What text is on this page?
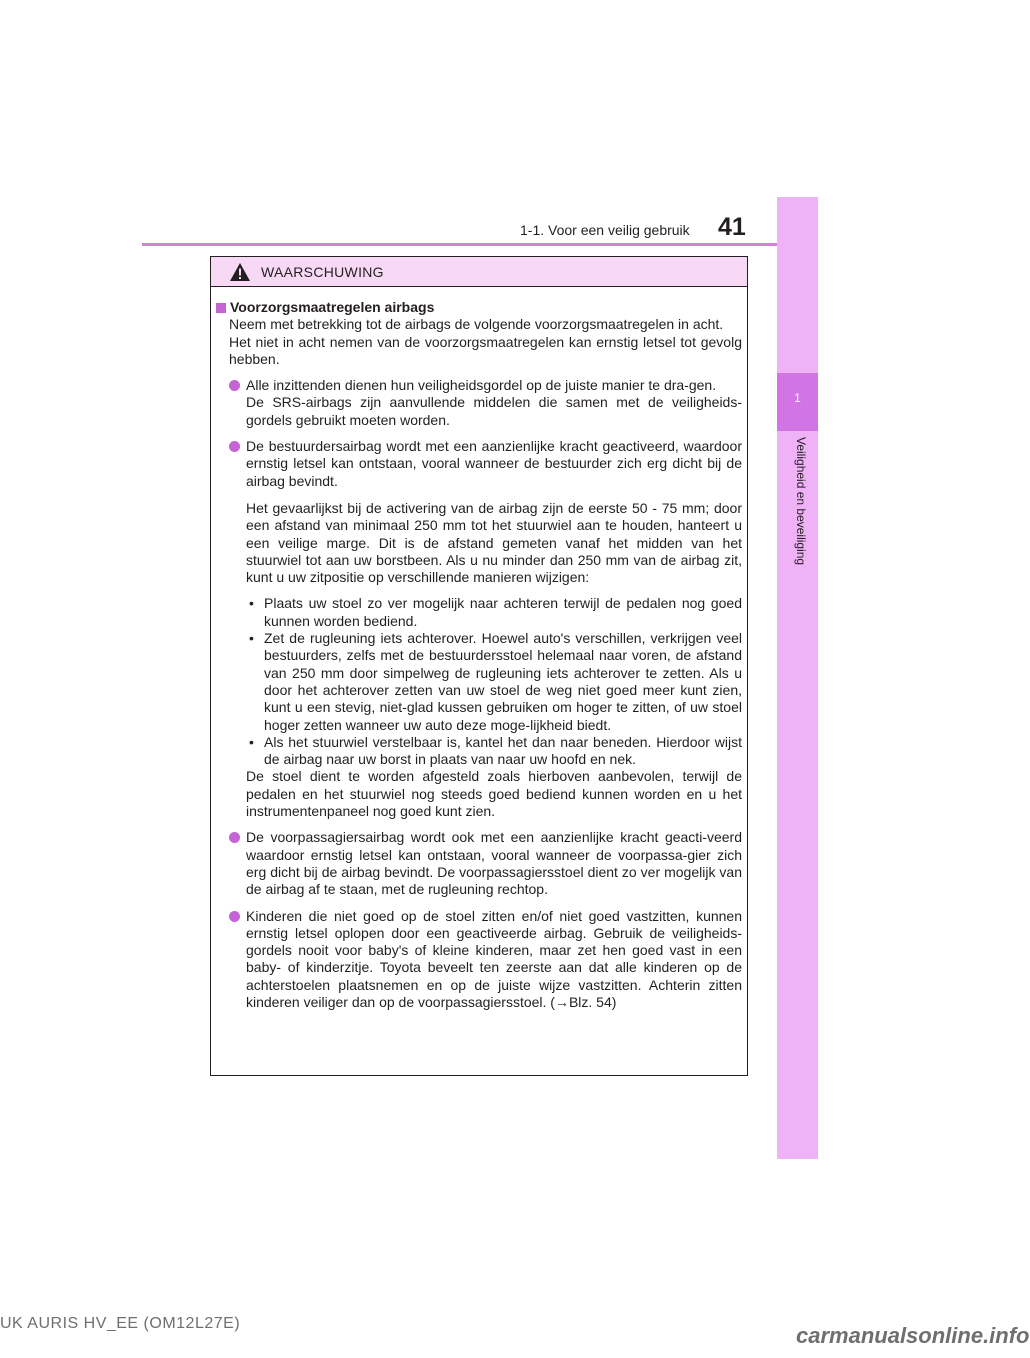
1-1. Voor een veilig gebruik 41
1
Veiligheid en beveiliging
WAARSCHUWING
Voorzorgsmaatregelen airbags
Neem met betrekking tot de airbags de volgende voorzorgsmaatregelen in acht.
Het niet in acht nemen van de voorzorgsmaatregelen kan ernstig letsel tot gevolg hebben.
Alle inzittenden dienen hun veiligheidsgordel op de juiste manier te dra-gen.
De SRS-airbags zijn aanvullende middelen die samen met de veiligheids-gordels gebruikt moeten worden.
De bestuurdersairbag wordt met een aanzienlijke kracht geactiveerd, waardoor ernstig letsel kan ontstaan, vooral wanneer de bestuurder zich erg dicht bij de airbag bevindt.
Het gevaarlijkst bij de activering van de airbag zijn de eerste 50 - 75 mm; door een afstand van minimaal 250 mm tot het stuurwiel aan te houden, hanteert u een veilige marge. Dit is de afstand gemeten vanaf het midden van het stuurwiel tot aan uw borstbeen. Als u nu minder dan 250 mm van de airbag zit, kunt u uw zitpositie op verschillende manieren wijzigen:
• Plaats uw stoel zo ver mogelijk naar achteren terwijl de pedalen nog goed kunnen worden bediend.
• Zet de rugleuning iets achterover. Hoewel auto's verschillen, verkrijgen veel bestuurders, zelfs met de bestuurdersstoel helemaal naar voren, de afstand van 250 mm door simpelweg de rugleuning iets achterover te zetten. Als u door het achterover zetten van uw stoel de weg niet goed meer kunt zien, kunt u een stevig, niet-glad kussen gebruiken om hoger te zitten, of uw stoel hoger zetten wanneer uw auto deze moge-lijkheid biedt.
• Als het stuurwiel verstelbaar is, kantel het dan naar beneden. Hierdoor wijst de airbag naar uw borst in plaats van naar uw hoofd en nek.
De stoel dient te worden afgesteld zoals hierboven aanbevolen, terwijl de pedalen en het stuurwiel nog steeds goed bediend kunnen worden en u het instrumentenpaneel nog goed kunt zien.
De voorpassagiersairbag wordt ook met een aanzienlijke kracht geacti-veerd waardoor ernstig letsel kan ontstaan, vooral wanneer de voorpassa-gier zich erg dicht bij de airbag bevindt. De voorpassagiersstoel dient zo ver mogelijk van de airbag af te staan, met de rugleuning rechtop.
Kinderen die niet goed op de stoel zitten en/of niet goed vastzitten, kunnen ernstig letsel oplopen door een geactiveerde airbag. Gebruik de veiligheids-gordels nooit voor baby's of kleine kinderen, maar zet hen goed vast in een baby- of kinderzitje. Toyota beveelt ten zeerste aan dat alle kinderen op de achterstoelen plaatsnemen en op de juiste wijze vastzitten. Achterin zitten kinderen veiliger dan op de voorpassagiersstoel. (→Blz. 54)
UK AURIS HV_EE (OM12L27E)	carmanualsonline.info
